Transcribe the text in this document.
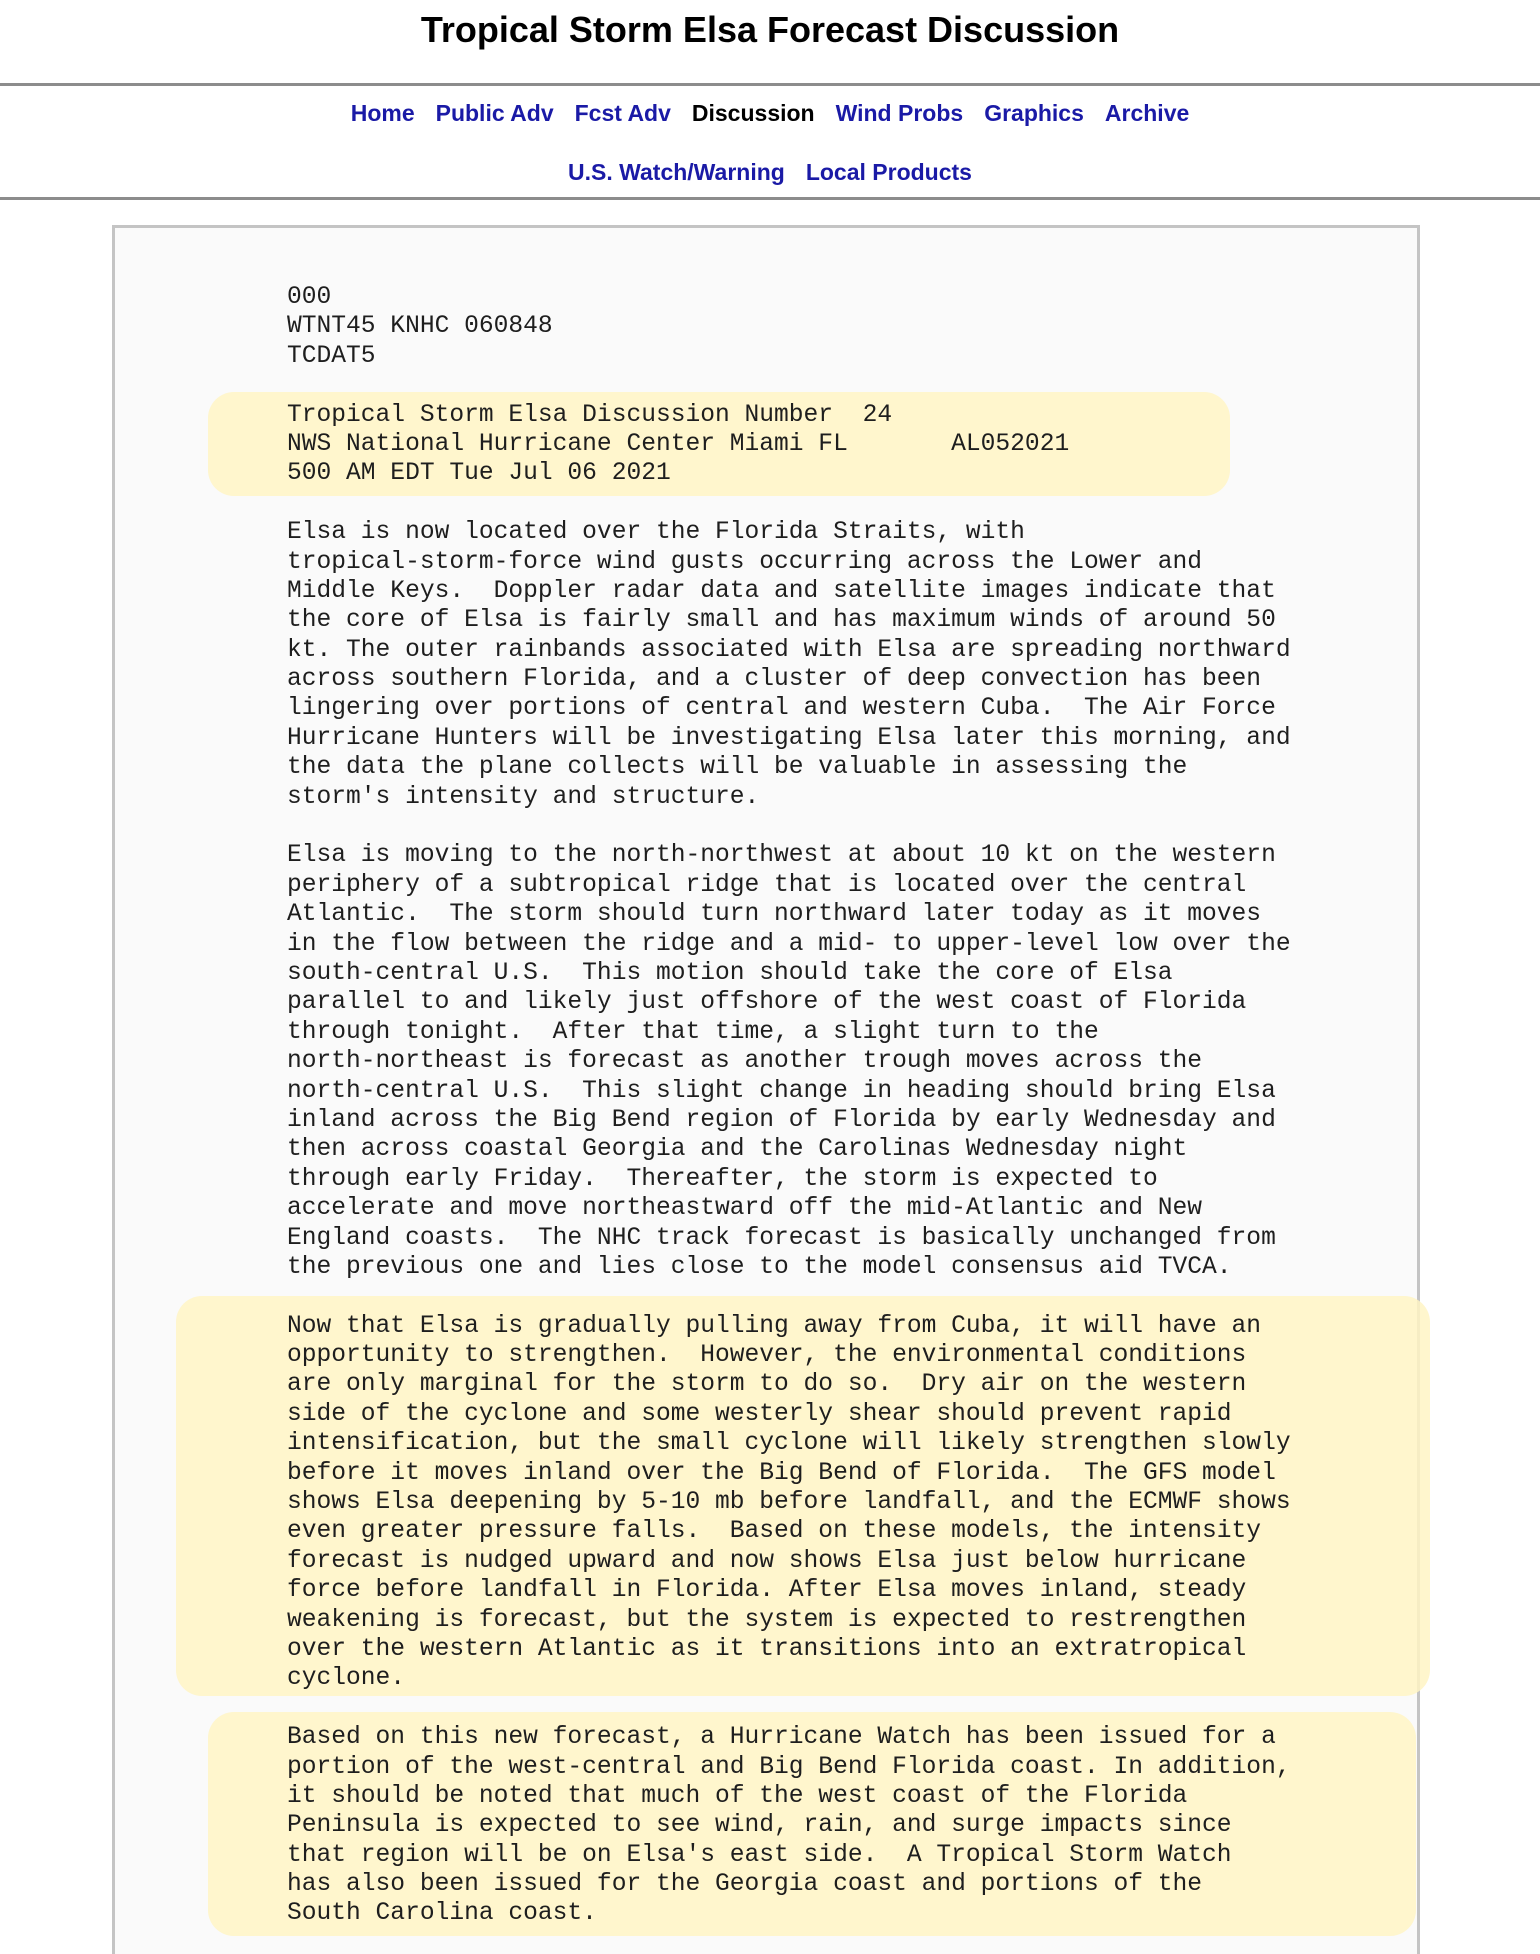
Tropical Storm Elsa Forecast Discussion
Home Public Adv Fcst Adv Discussion Wind Probs Graphics Archive
U.S. Watch/Warning Local Products
000
WTNT45 KNHC 060848
TCDAT5

Tropical Storm Elsa Discussion Number  24
NWS National Hurricane Center Miami FL       AL052021
500 AM EDT Tue Jul 06 2021

Elsa is now located over the Florida Straits, with
tropical-storm-force wind gusts occurring across the Lower and
Middle Keys.  Doppler radar data and satellite images indicate that
the core of Elsa is fairly small and has maximum winds of around 50
kt. The outer rainbands associated with Elsa are spreading northward
across southern Florida, and a cluster of deep convection has been
lingering over portions of central and western Cuba.  The Air Force
Hurricane Hunters will be investigating Elsa later this morning, and
the data the plane collects will be valuable in assessing the
storm's intensity and structure.

Elsa is moving to the north-northwest at about 10 kt on the western
periphery of a subtropical ridge that is located over the central
Atlantic.  The storm should turn northward later today as it moves
in the flow between the ridge and a mid- to upper-level low over the
south-central U.S.  This motion should take the core of Elsa
parallel to and likely just offshore of the west coast of Florida
through tonight.  After that time, a slight turn to the
north-northeast is forecast as another trough moves across the
north-central U.S.  This slight change in heading should bring Elsa
inland across the Big Bend region of Florida by early Wednesday and
then across coastal Georgia and the Carolinas Wednesday night
through early Friday.  Thereafter, the storm is expected to
accelerate and move northeastward off the mid-Atlantic and New
England coasts.  The NHC track forecast is basically unchanged from
the previous one and lies close to the model consensus aid TVCA.

Now that Elsa is gradually pulling away from Cuba, it will have an
opportunity to strengthen.  However, the environmental conditions
are only marginal for the storm to do so.  Dry air on the western
side of the cyclone and some westerly shear should prevent rapid
intensification, but the small cyclone will likely strengthen slowly
before it moves inland over the Big Bend of Florida.  The GFS model
shows Elsa deepening by 5-10 mb before landfall, and the ECMWF shows
even greater pressure falls.  Based on these models, the intensity
forecast is nudged upward and now shows Elsa just below hurricane
force before landfall in Florida. After Elsa moves inland, steady
weakening is forecast, but the system is expected to restrengthen
over the western Atlantic as it transitions into an extratropical
cyclone.

Based on this new forecast, a Hurricane Watch has been issued for a
portion of the west-central and Big Bend Florida coast. In addition,
it should be noted that much of the west coast of the Florida
Peninsula is expected to see wind, rain, and surge impacts since
that region will be on Elsa's east side.  A Tropical Storm Watch
has also been issued for the Georgia coast and portions of the
South Carolina coast.
